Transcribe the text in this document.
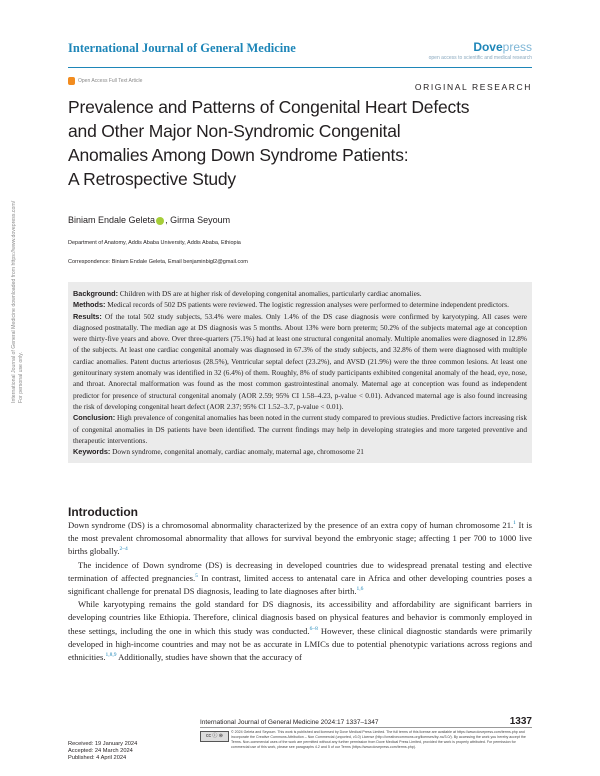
International Journal of General Medicine	Dovepress
open access to scientific and medical research
Open Access Full Text Article
ORIGINAL RESEARCH
Prevalence and Patterns of Congenital Heart Defects
and Other Major Non-Syndromic Congenital
Anomalies Among Down Syndrome Patients:
A Retrospective Study
Biniam Endale Geleta , Girma Seyoum
Department of Anatomy, Addis Ababa University, Addis Ababa, Ethiopia
Correspondence: Biniam Endale Geleta, Email benjaminbigl2@gmail.com
International Journal of General Medicine downloaded from https://www.dovepress.com/ For personal use only.

Background: Children with DS are at higher risk of developing congenital anomalies, particularly cardiac anomalies.

Methods: Medical records of 502 DS patients were reviewed. The logistic regression analyses were performed to determine independent predictors.

Results: Of the total 502 study subjects, 53.4% were males. Only 1.4% of the DS case diagnosis were confirmed by karyotyping. All cases were diagnosed postnatally. The median age at DS diagnosis was 5 months. About 13% were born preterm; 50.2% of the subjects maternal age at conception were thirty-five years and above. Over three-quarters (75.1%) had at least one structural congenital anomaly. Multiple anomalies were diagnosed in 12.8% of the subjects. At least one cardiac congenital anomaly was diagnosed in 67.3% of the study subjects, and 32.8% of them were diagnosed with multiple cardiac anomalies. Patent ductus arteriosus (28.5%), Ventricular septal defect (23.2%), and AVSD (21.9%) were the three common lesions. At least one genitourinary system anomaly was identified in 32 (6.4%) of them. Roughly, 8% of study participants exhibited congenital anomaly of the head, eye, nose, and throat. Anorectal malformation was found as the most common gastrointestinal anomaly. Maternal age at conception was found as independent predictor for presence of structural congenital anomaly (AOR 2.59; 95% CI 1.58–4.23, p-value < 0.01). Advanced maternal age is also found increasing the risk of developing congenital heart defect (AOR 2.37; 95% CI 1.52–3.7, p-value < 0.01).

Conclusion: High prevalence of congenital anomalies has been noted in the current study compared to previous studies. Predictive factors increasing risk of congenital anomalies in DS patients have been identified. The current findings may help in developing strategies and more targeted preventive and therapeutic interventions.

Keywords: Down syndrome, congenital anomaly, cardiac anomaly, maternal age, chromosome 21

Introduction

Down syndrome (DS) is a chromosomal abnormality characterized by the presence of an extra copy of human chromosome 21.$^1$ It is the most prevalent chromosomal abnormality that allows for survival beyond the embryonic stage; affecting 1 per 700 to 1000 live births globally.$^{2-4}$

The incidence of Down syndrome (DS) is decreasing in developed countries due to widespread prenatal testing and elective termination of affected pregnancies.$^5$ In contrast, limited access to antenatal care in Africa and other developing countries poses a significant challenge for prenatal DS diagnosis, leading to late diagnoses after birth.$^{1,6}$

While karyotyping remains the gold standard for DS diagnosis, its accessibility and affordability are significant barriers in developing countries like Ethiopia. Therefore, clinical diagnosis based on physical features and behavior is commonly employed in these settings, including the one in which this study was conducted.$^{6-8}$ However, these clinical diagnostic standards were primarily developed in high-income countries and may not be as accurate in LMICs due to potential phenotypic variations across regions and ethnicities.$^{1,8,9}$ Additionally, studies have shown that the accuracy of

Received: 19 January 2024
Accepted: 24 March 2024
Published: 4 April 2024
International Journal of General Medicine 2024:17 1337–1347	1337
cc ⓘ ⊜
© 2024 Geleta and Seyoum. This work is published and licensed by Dove Medical Press Limited. The full terms of this license are available at https://www.dovepress.com/terms.php and incorporate the Creative Commons Attribution – Non Commercial (unported, v3.0) License (http://creativecommons.org/licenses/by-nc/3.0/). By accessing the work you hereby accept the Terms. Non-commercial uses of the work are permitted without any further permission from Dove Medical Press Limited, provided the work is properly attributed. For permission for commercial use of this work, please see paragraphs 4.2 and 5 of our Terms (https://www.dovepress.com/terms.php).
